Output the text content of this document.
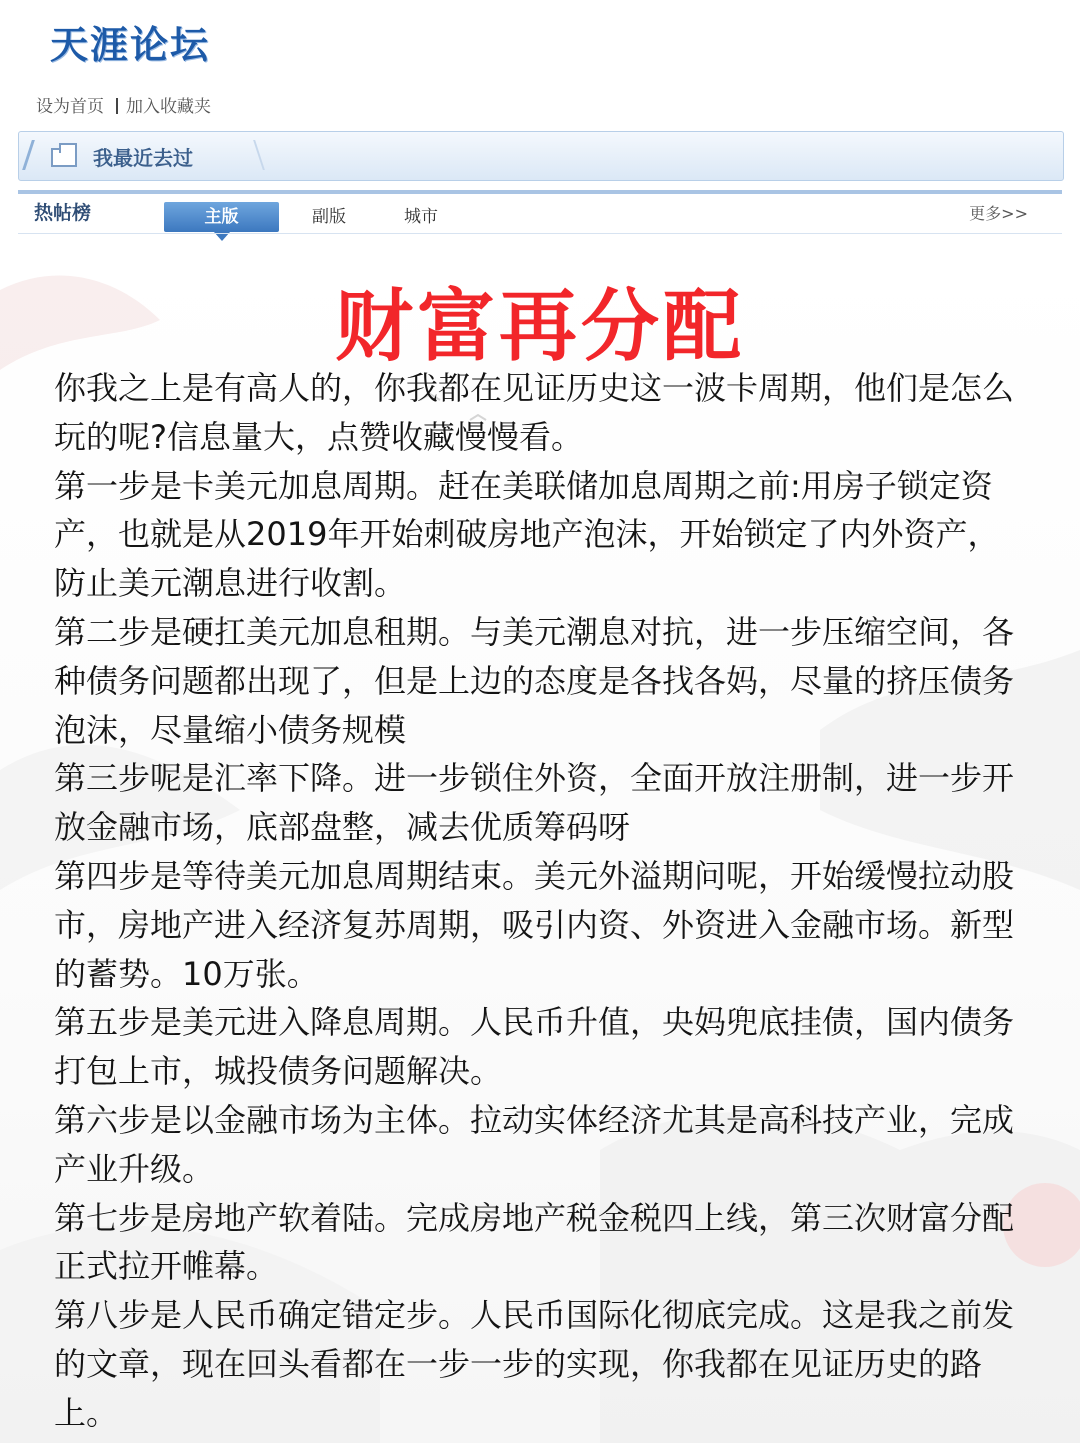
天涯论坛
设为首页 加入收藏夹
我最近去过
热帖榜	主版	副版	城市	更多>>
财富再分配

你我之上是有高人的，你我都在见证历史这一波卡周期，他们是怎么玩的呢?信息量大，点赞收藏慢慢看。

第一步是卡美元加息周期。赶在美联储加息周期之前:用房子锁定资产，也就是从2019年开始刺破房地产泡沫，开始锁定了内外资产，防止美元潮息进行收割。

第二步是硬扛美元加息租期。与美元潮息对抗，进一步压缩空间，各种债务问题都出现了，但是上边的态度是各找各妈，尽量的挤压债务泡沫，尽量缩小债务规模

第三步呢是汇率下降。进一步锁住外资，全面开放注册制，进一步开放金融市场，底部盘整，减去优质筹码呀

第四步是等待美元加息周期结束。美元外溢期问呢，开始缓慢拉动股市，房地产进入经济复苏周期，吸引内资、外资进入金融市场。新型的蓄势。10万张。

第五步是美元进入降息周期。人民币升值，央妈兜底挂债，国内债务打包上市，城投债务问题解决。

第六步是以金融市场为主体。拉动实体经济尤其是高科技产业，完成产业升级。

第七步是房地产软着陆。完成房地产税金税四上线，第三次财富分配正式拉开帷幕。

第八步是人民币确定错定步。人民币国际化彻底完成。这是我之前发的文章，现在回头看都在一步一步的实现，你我都在见证历史的路上。
